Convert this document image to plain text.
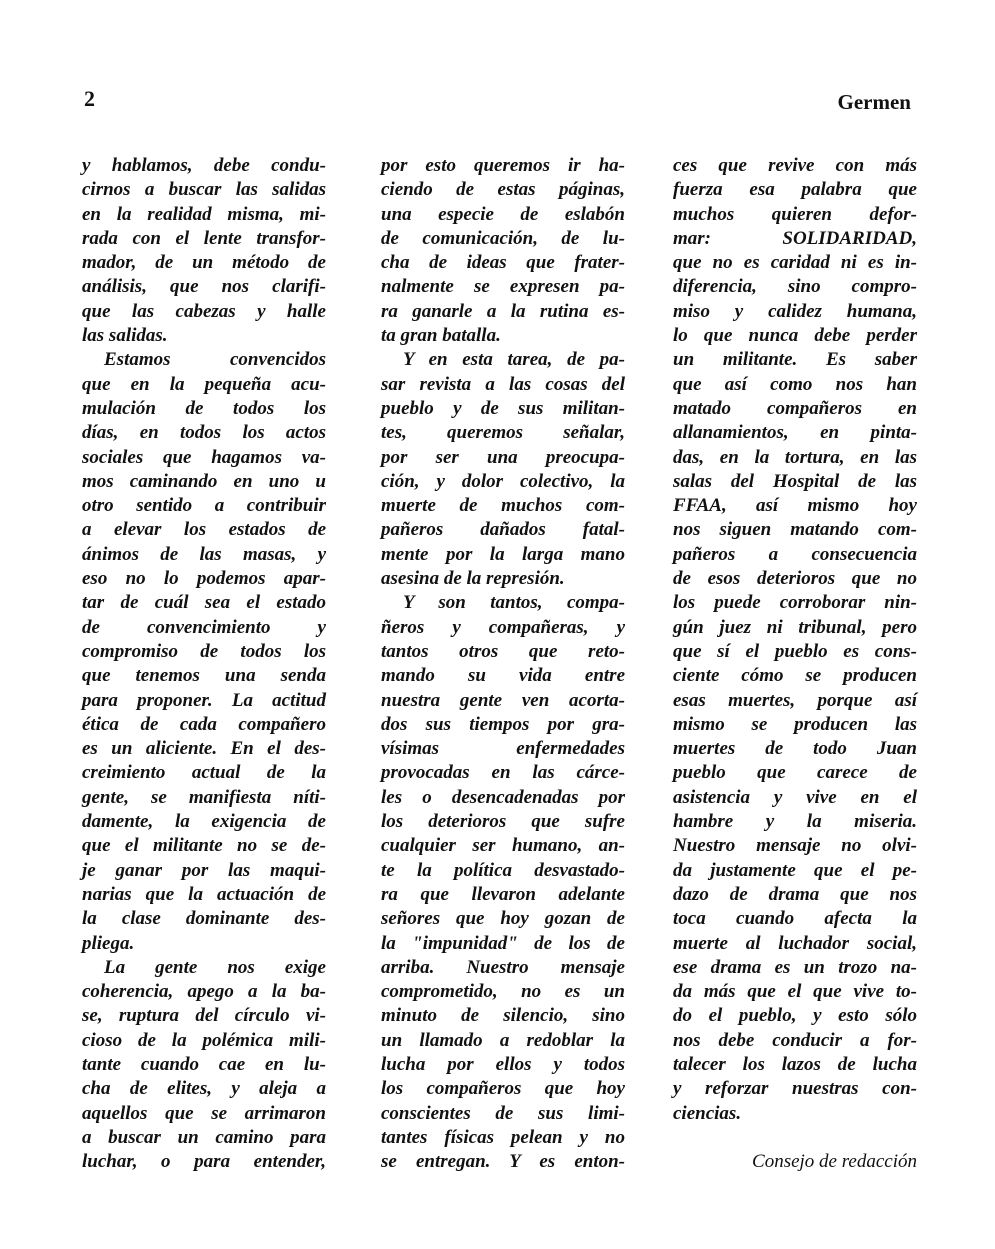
2	Germen
y hablamos, debe condu-
cirnos a buscar las salidas
en la realidad misma, mi-
rada con el lente transfor-
mador, de un método de
análisis, que nos clarifi-
que las cabezas y halle
las salidas.
Estamos convencidos
que en la pequeña acu-
mulación de todos los
días, en todos los actos
sociales que hagamos va-
mos caminando en uno u
otro sentido a contribuir
a elevar los estados de
ánimos de las masas, y
eso no lo podemos apar-
tar de cuál sea el estado
de convencimiento y
compromiso de todos los
que tenemos una senda
para proponer. La actitud
ética de cada compañero
es un aliciente. En el des-
creimiento actual de la
gente, se manifiesta níti-
damente, la exigencia de
que el militante no se de-
je ganar por las maqui-
narias que la actuación de
la clase dominante des-
pliega.
La gente nos exige
coherencia, apego a la ba-
se, ruptura del círculo vi-
cioso de la polémica mili-
tante cuando cae en lu-
cha de elites, y aleja a
aquellos que se arrimaron
a buscar un camino para
luchar, o para entender,
por esto queremos ir ha-
ciendo de estas páginas,
una especie de eslabón
de comunicación, de lu-
cha de ideas que frater-
nalmente se expresen pa-
ra ganarle a la rutina es-
ta gran batalla.
Y en esta tarea, de pa-
sar revista a las cosas del
pueblo y de sus militan-
tes, queremos señalar,
por ser una preocupa-
ción, y dolor colectivo, la
muerte de muchos com-
pañeros dañados fatal-
mente por la larga mano
asesina de la represión.
Y son tantos, compa-
ñeros y compañeras, y
tantos otros que reto-
mando su vida entre
nuestra gente ven acorta-
dos sus tiempos por gra-
vísimas enfermedades
provocadas en las cárce-
les o desencadenadas por
los deterioros que sufre
cualquier ser humano, an-
te la política desvastado-
ra que llevaron adelante
señores que hoy gozan de
la "impunidad" de los de
arriba. Nuestro mensaje
comprometido, no es un
minuto de silencio, sino
un llamado a redoblar la
lucha por ellos y todos
los compañeros que hoy
conscientes de sus limi-
tantes físicas pelean y no
se entregan. Y es enton-
ces que revive con más
fuerza esa palabra que
muchos quieren defor-
mar: SOLIDARIDAD,
que no es caridad ni es in-
diferencia, sino compro-
miso y calidez humana,
lo que nunca debe perder
un militante. Es saber
que así como nos han
matado compañeros en
allanamientos, en pinta-
das, en la tortura, en las
salas del Hospital de las
FFAA, así mismo hoy
nos siguen matando com-
pañeros a consecuencia
de esos deterioros que no
los puede corroborar nin-
gún juez ni tribunal, pero
que sí el pueblo es cons-
ciente cómo se producen
esas muertes, porque así
mismo se producen las
muertes de todo Juan
pueblo que carece de
asistencia y vive en el
hambre y la miseria.
Nuestro mensaje no olvi-
da justamente que el pe-
dazo de drama que nos
toca cuando afecta la
muerte al luchador social,
ese drama es un trozo na-
da más que el que vive to-
do el pueblo, y esto sólo
nos debe conducir a for-
talecer los lazos de lucha
y reforzar nuestras con-
ciencias.
Consejo de redacción
